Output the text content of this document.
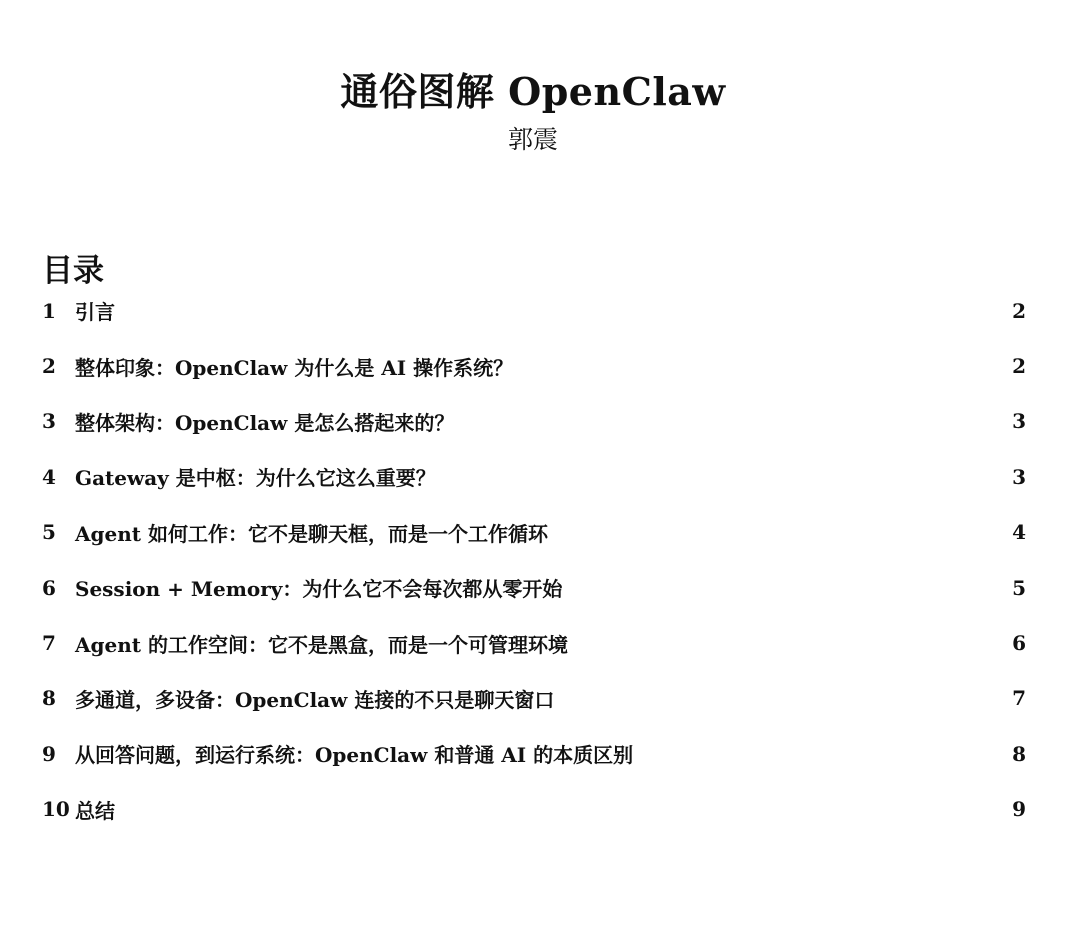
通俗图解 OpenClaw
郭震
目录
1 引言	2
2 整体印象：OpenClaw 为什么是 AI 操作系统？	2
3 整体架构：OpenClaw 是怎么搭起来的？	3
4 Gateway 是中枢：为什么它这么重要？	3
5 Agent 如何工作：它不是聊天框，而是一个工作循环	4
6 Session + Memory：为什么它不会每次都从零开始	5
7 Agent 的工作空间：它不是黑盒，而是一个可管理环境	6
8 多通道，多设备：OpenClaw 连接的不只是聊天窗口	7
9 从回答问题，到运行系统：OpenClaw 和普通 AI 的本质区别	8
10 总结	9
